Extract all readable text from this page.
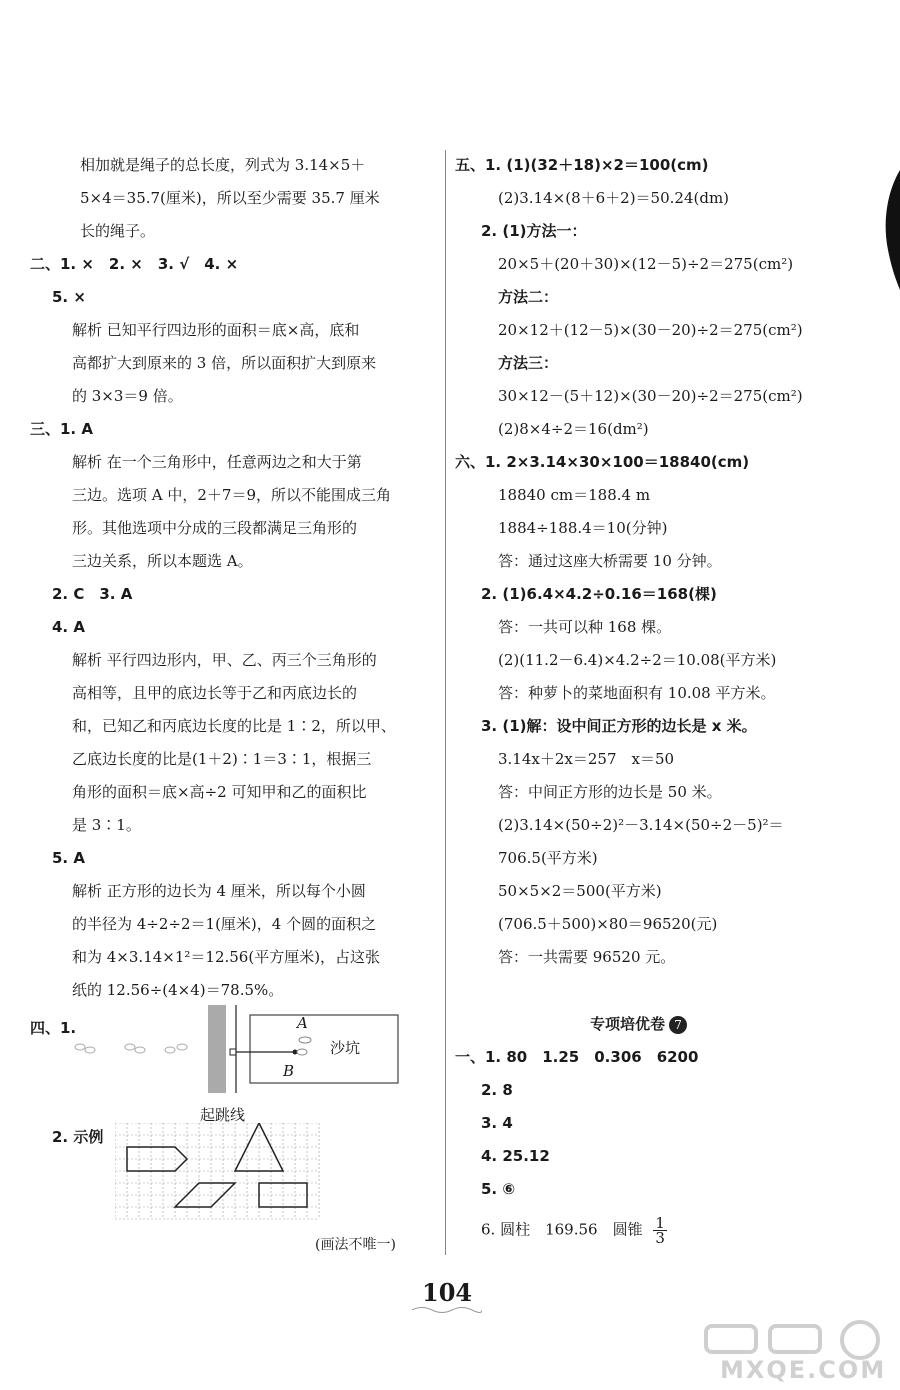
相加就是绳子的总长度，列式为 3.14×5＋
5×4＝35.7(厘米)，所以至少需要 35.7 厘米
长的绳子。
二、1. ×　2. ×　3. √　4. ×
5. ×
解析 已知平行四边形的面积＝底×高，底和
高都扩大到原来的 3 倍，所以面积扩大到原来
的 3×3＝9 倍。
三、1. A
解析 在一个三角形中，任意两边之和大于第
三边。选项 A 中，2＋7＝9，所以不能围成三角
形。其他选项中分成的三段都满足三角形的
三边关系，所以本题选 A。
2. C　3. A
4. A
解析 平行四边形内，甲、乙、丙三个三角形的
高相等，且甲的底边长等于乙和丙底边长的
和，已知乙和丙底边长度的比是 1∶2，所以甲、
乙底边长度的比是(1＋2)∶1＝3∶1，根据三
角形的面积＝底×高÷2 可知甲和乙的面积比
是 3∶1。
5. A
解析 正方形的边长为 4 厘米，所以每个小圆
的半径为 4÷2÷2＝1(厘米)，4 个圆的面积之
和为 4×3.14×1²＝12.56(平方厘米)，占这张
纸的 12.56÷(4×4)＝78.5%。
四、1.	A
B
沙坑
起跳线
2. 示例
(画法不唯一)
五、1. (1)(32＋18)×2＝100(cm)
(2)3.14×(8＋6＋2)＝50.24(dm)
2. (1)方法一：
20×5＋(20＋30)×(12－5)÷2＝275(cm²)
方法二：
20×12＋(12－5)×(30－20)÷2＝275(cm²)
方法三：
30×12－(5＋12)×(30－20)÷2＝275(cm²)
(2)8×4÷2＝16(dm²)
六、1. 2×3.14×30×100＝18840(cm)
18840 cm＝188.4 m
1884÷188.4＝10(分钟)
答：通过这座大桥需要 10 分钟。
2. (1)6.4×4.2÷0.16＝168(棵)
答：一共可以种 168 棵。
(2)(11.2－6.4)×4.2÷2＝10.08(平方米)
答：种萝卜的菜地面积有 10.08 平方米。
3. (1)解：设中间正方形的边长是 x 米。
3.14x＋2x＝257　x＝50
答：中间正方形的边长是 50 米。
(2)3.14×(50÷2)²－3.14×(50÷2－5)²＝
706.5(平方米)
50×5×2＝500(平方米)
(706.5＋500)×80＝96520(元)
答：一共需要 96520 元。
专项培优卷 7
一、1. 80　1.25　0.306　6200
2. 8
3. 4
4. 25.12
5. ⑥
6. 圆柱　169.56　圆锥 $\frac{1}{3}$
104
MXQE.COM
